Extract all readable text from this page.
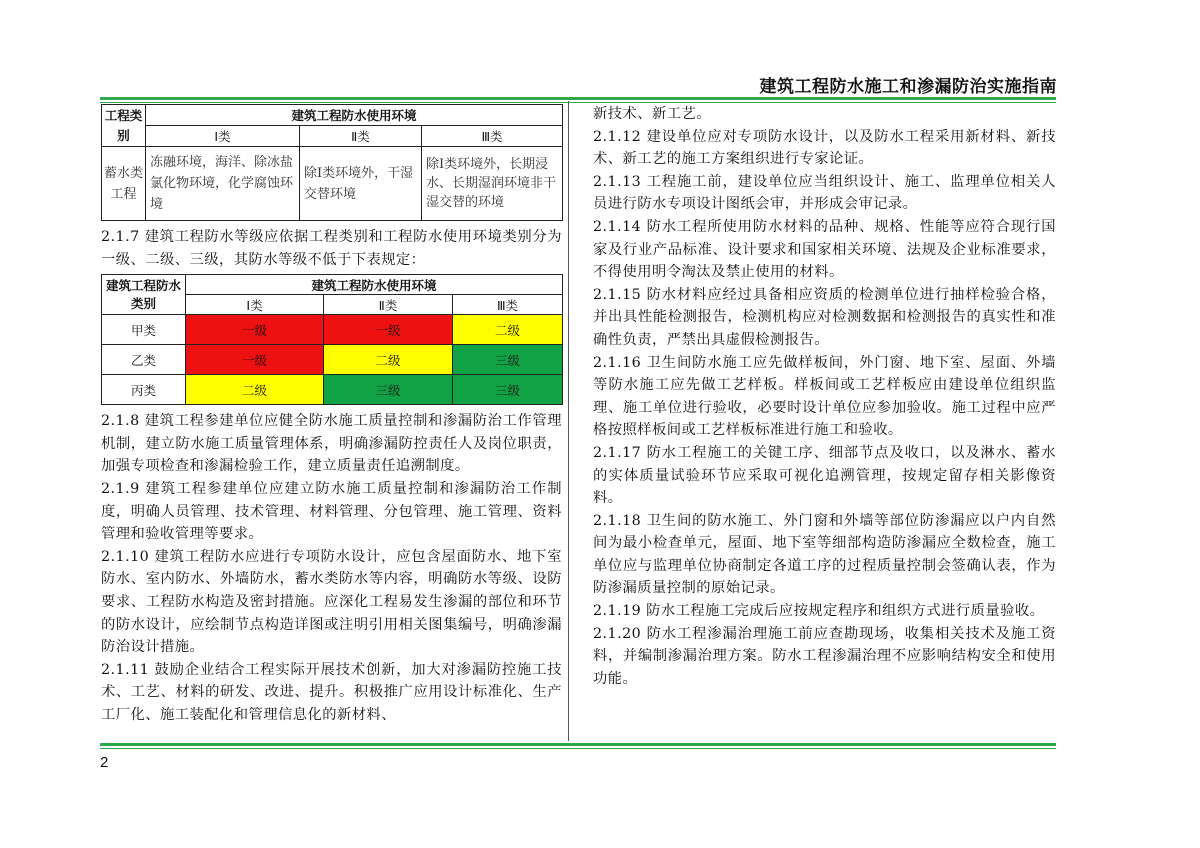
建筑工程防水施工和渗漏防治实施指南
工程类别	建筑工程防水使用环境		
	Ⅰ类	Ⅱ类	Ⅲ类
蓄水类工程	冻融环境，海洋、除冰盐氯化物环境，化学腐蚀环境	除Ⅰ类环境外，干湿交替环境	除Ⅰ类环境外，长期浸水、长期湿润环境非干湿交替的环境

2.1.7 建筑工程防水等级应依据工程类别和工程防水使用环境类别分为一级、二级、三级，其防水等级不低于下表规定：

建筑工程防水类别	建筑工程防水使用环境		
	Ⅰ类	Ⅱ类	Ⅲ类
甲类	一级	一级	二级
乙类	一级	二级	三级
丙类	二级	三级	三级

2.1.8 建筑工程参建单位应健全防水施工质量控制和渗漏防治工作管理机制，建立防水施工质量管理体系，明确渗漏防控责任人及岗位职责，加强专项检查和渗漏检验工作，建立质量责任追溯制度。

2.1.9 建筑工程参建单位应建立防水施工质量控制和渗漏防治工作制度，明确人员管理、技术管理、材料管理、分包管理、施工管理、资料管理和验收管理等要求。

2.1.10 建筑工程防水应进行专项防水设计，应包含屋面防水、地下室防水、室内防水、外墙防水，蓄水类防水等内容，明确防水等级、设防要求、工程防水构造及密封措施。应深化工程易发生渗漏的部位和环节的防水设计，应绘制节点构造详图或注明引用相关图集编号，明确渗漏防治设计措施。

2.1.11 鼓励企业结合工程实际开展技术创新，加大对渗漏防控施工技术、工艺、材料的研发、改进、提升。积极推广应用设计标准化、生产工厂化、施工装配化和管理信息化的新材料、

新技术、新工艺。

2.1.12 建设单位应对专项防水设计，以及防水工程采用新材料、新技术、新工艺的施工方案组织进行专家论证。

2.1.13 工程施工前，建设单位应当组织设计、施工、监理单位相关人员进行防水专项设计图纸会审，并形成会审记录。

2.1.14 防水工程所使用防水材料的品种、规格、性能等应符合现行国家及行业产品标准、设计要求和国家相关环境、法规及企业标准要求，不得使用明令淘汰及禁止使用的材料。

2.1.15 防水材料应经过具备相应资质的检测单位进行抽样检验合格，并出具性能检测报告，检测机构应对检测数据和检测报告的真实性和准确性负责，严禁出具虚假检测报告。

2.1.16 卫生间防水施工应先做样板间，外门窗、地下室、屋面、外墙等防水施工应先做工艺样板。样板间或工艺样板应由建设单位组织监理、施工单位进行验收，必要时设计单位应参加验收。施工过程中应严格按照样板间或工艺样板标准进行施工和验收。

2.1.17 防水工程施工的关键工序、细部节点及收口，以及淋水、蓄水的实体质量试验环节应采取可视化追溯管理，按规定留存相关影像资料。

2.1.18 卫生间的防水施工、外门窗和外墙等部位防渗漏应以户内自然间为最小检查单元，屋面、地下室等细部构造防渗漏应全数检查，施工单位应与监理单位协商制定各道工序的过程质量控制会签确认表，作为防渗漏质量控制的原始记录。

2.1.19 防水工程施工完成后应按规定程序和组织方式进行质量验收。

2.1.20 防水工程渗漏治理施工前应查勘现场，收集相关技术及施工资料，并编制渗漏治理方案。防水工程渗漏治理不应影响结构安全和使用功能。

2
